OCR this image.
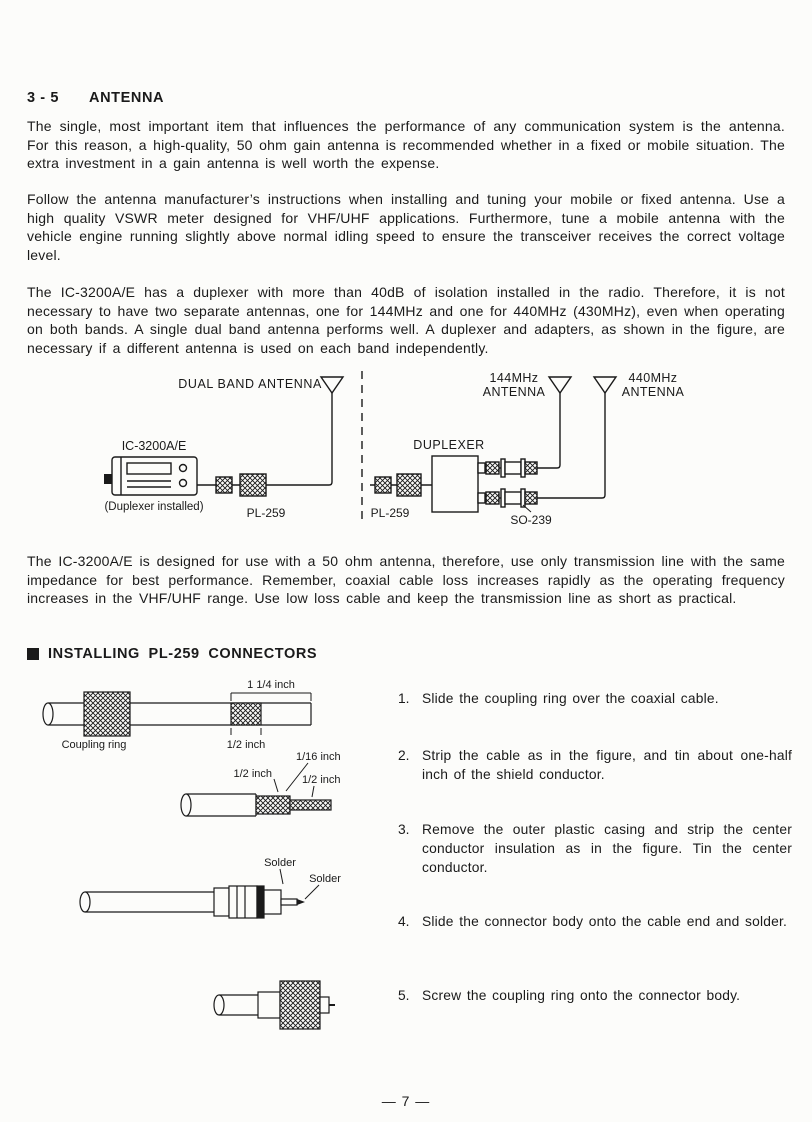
3 - 5 ANTENNA

The single, most important item that influences the performance of any communication system is the antenna. For this reason, a high-quality, 50 ohm gain antenna is recommended whether in a fixed or mobile situation. The extra investment in a gain antenna is well worth the expense.

Follow the antenna manufacturer’s instructions when installing and tuning your mobile or fixed antenna. Use a high quality VSWR meter designed for VHF/UHF applications. Furthermore, tune a mobile antenna with the vehicle engine running slightly above normal idling speed to ensure the transceiver receives the correct voltage level.

The IC-3200A/E has a duplexer with more than 40dB of isolation installed in the radio. Therefore, it is not necessary to have two separate antennas, one for 144MHz and one for 440MHz (430MHz), even when operating on both bands. A single dual band antenna performs well. A duplexer and adapters, as shown in the figure, are necessary if a different antenna is used on each band independently.

DUAL BAND ANTENNA	144MHz
ANTENNA
440MHz
ANTENNA
DUPLEXER
IC-3200A/E
(Duplexer installed)	PL-259	PL-259	SO-239

The IC-3200A/E is designed for use with a 50 ohm antenna, therefore, use only transmission line with the same impedance for best performance. Remember, coaxial cable loss increases rapidly as the operating frequency increases in the VHF/UHF range. Use low loss cable and keep the transmission line as short as practical.

INSTALLING PL-259 CONNECTORS
1 1/4 inch
1/2 inch
Coupling ring
1/16 inch
1/2 inch	1/2 inch
Solder
Solder
1. Slide the coupling ring over the coaxial cable.
2. Strip the cable as in the figure, and tin about one-half inch of the shield conductor.
3. Remove the outer plastic casing and strip the center conductor insulation as in the figure. Tin the center conductor.
4. Slide the connector body onto the cable end and solder.
5. Screw the coupling ring onto the connector body.
— 7 —
